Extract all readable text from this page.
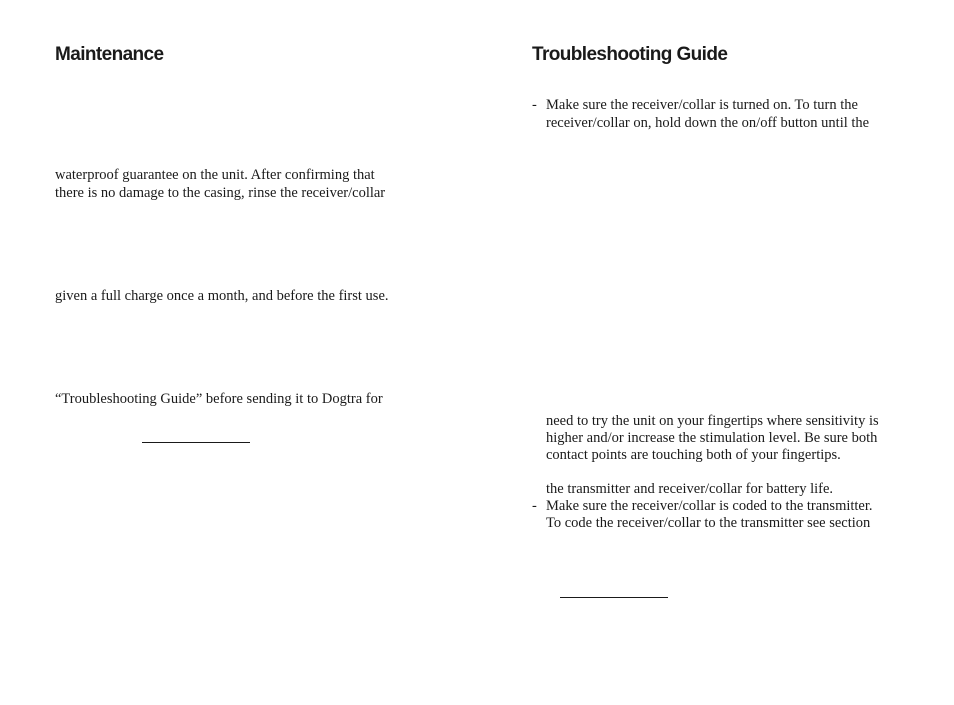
Maintenance

waterproof guarantee on the unit. After confirming that

there is no damage to the casing, rinse the receiver/collar

given a full charge once a month, and before the first use.

“Troubleshooting Guide” before sending it to Dogtra for

Troubleshooting Guide
- Make sure the receiver/collar is turned on. To turn the

receiver/collar on, hold down the on/off button until the

need to try the unit on your fingertips where sensitivity is

higher and/or increase the stimulation level. Be sure both

contact points are touching both of your fingertips.

the transmitter and receiver/collar for battery life.

- Make sure the receiver/collar is coded to the transmitter.

To code the receiver/collar to the transmitter see section
